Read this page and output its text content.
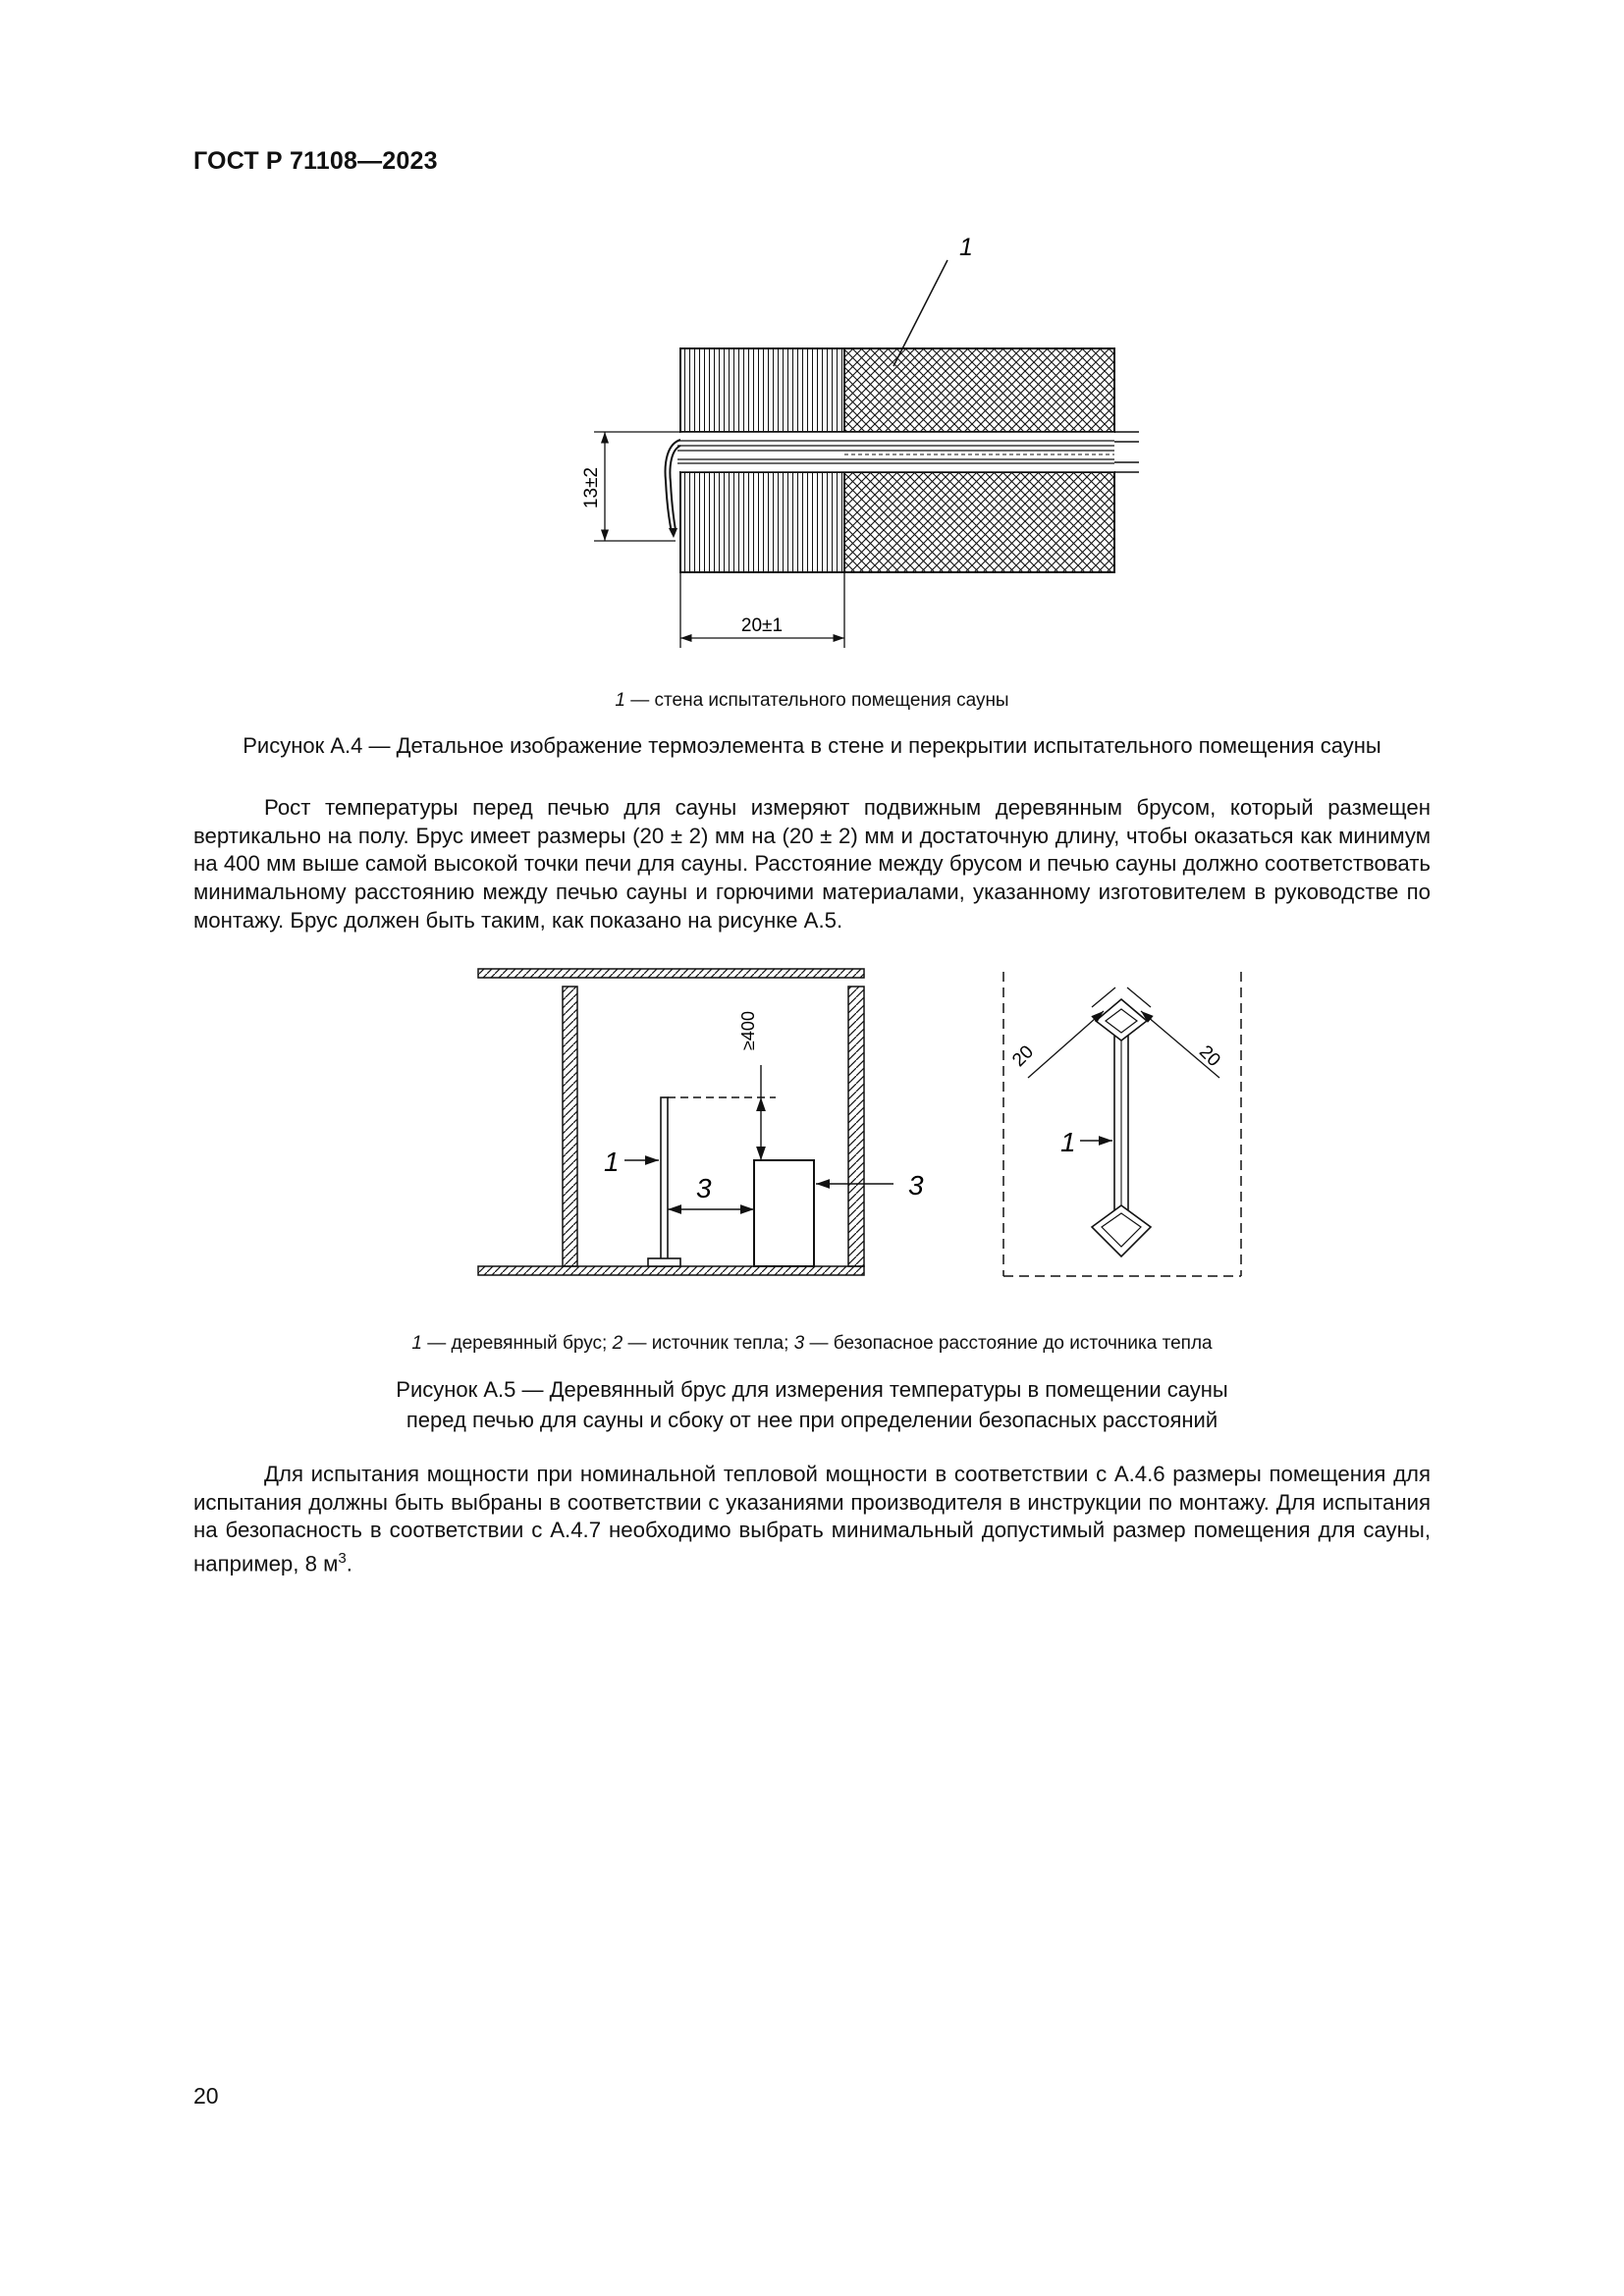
ГОСТ Р 71108—2023
13±2
20±1
1
1 — стена испытательного помещения сауны
Рисунок А.4 — Детальное изображение термоэлемента в стене и перекрытии испытательного помещения сауны
Рост температуры перед печью для сауны измеряют подвижным деревянным брусом, который размещен вертикально на полу. Брус имеет размеры (20 ± 2) мм на (20 ± 2) мм и достаточную длину, чтобы оказаться как минимум на 400 мм выше самой высокой точки печи для сауны. Расстояние между брусом и печью сауны должно соответствовать минимальному расстоянию между печью сауны и горючими материалами, указанному изготовителем в руководстве по монтажу. Брус должен быть таким, как показано на рисунке А.5.
≥400
3
1
3
20	20
1
1 — деревянный брус; 2 — источник тепла; 3 — безопасное расстояние до источника тепла
Рисунок А.5 — Деревянный брус для измерения температуры в помещении сауны
перед печью для сауны и сбоку от нее при определении безопасных расстояний
Для испытания мощности при номинальной тепловой мощности в соответствии с А.4.6 размеры помещения для испытания должны быть выбраны в соответствии с указаниями производителя в инструкции по монтажу. Для испытания на безопасность в соответствии с А.4.7 необходимо выбрать минимальный допустимый размер помещения для сауны, например, 8 $м^3$.
20
